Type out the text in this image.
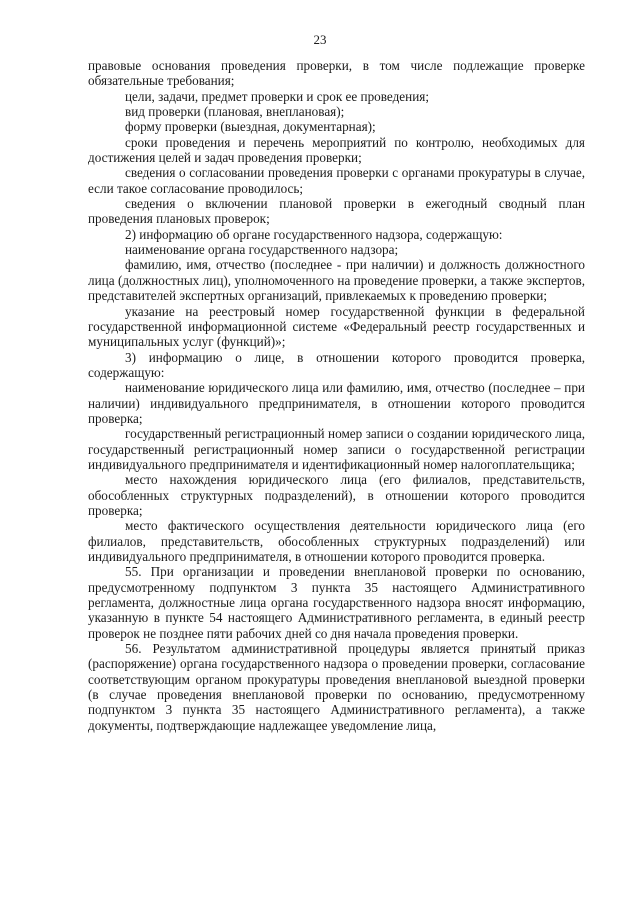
23

правовые основания проведения проверки, в том числе подлежащие проверке обязательные требования;

цели, задачи, предмет проверки и срок ее проведения;

вид проверки (плановая, внеплановая);

форму проверки (выездная, документарная);

сроки проведения и перечень мероприятий по контролю, необходимых для достижения целей и задач проведения проверки;

сведения о согласовании проведения проверки с органами прокуратуры в случае, если такое согласование проводилось;

сведения о включении плановой проверки в ежегодный сводный план проведения плановых проверок;

2) информацию об органе государственного надзора, содержащую:

наименование органа государственного надзора;

фамилию, имя, отчество (последнее - при наличии) и должность должностного лица (должностных лиц), уполномоченного на проведение проверки, а также экспертов, представителей экспертных организаций, привлекаемых к проведению проверки;

указание на реестровый номер государственной функции в федеральной государственной информационной системе «Федеральный реестр государственных и муниципальных услуг (функций)»;

3) информацию о лице, в отношении которого проводится проверка, содержащую:

наименование юридического лица или фамилию, имя, отчество (последнее – при наличии) индивидуального предпринимателя, в отношении которого проводится проверка;

государственный регистрационный номер записи о создании юридического лица, государственный регистрационный номер записи о государственной регистрации индивидуального предпринимателя и идентификационный номер налогоплательщика;

место нахождения юридического лица (его филиалов, представительств, обособленных структурных подразделений), в отношении которого проводится проверка;

место фактического осуществления деятельности юридического лица (его филиалов, представительств, обособленных структурных подразделений) или индивидуального предпринимателя, в отношении которого проводится проверка.

55. При организации и проведении внеплановой проверки по основанию, предусмотренному подпунктом 3 пункта 35 настоящего Административного регламента, должностные лица органа государственного надзора вносят информацию, указанную в пункте 54 настоящего Административного регламента, в единый реестр проверок не позднее пяти рабочих дней со дня начала проведения проверки.

56. Результатом административной процедуры является принятый приказ (распоряжение) органа государственного надзора о проведении проверки, согласование соответствующим органом прокуратуры проведения внеплановой выездной проверки (в случае проведения внеплановой проверки по основанию, предусмотренному подпунктом 3 пункта 35 настоящего Административного регламента), а также документы, подтверждающие надлежащее уведомление лица,
